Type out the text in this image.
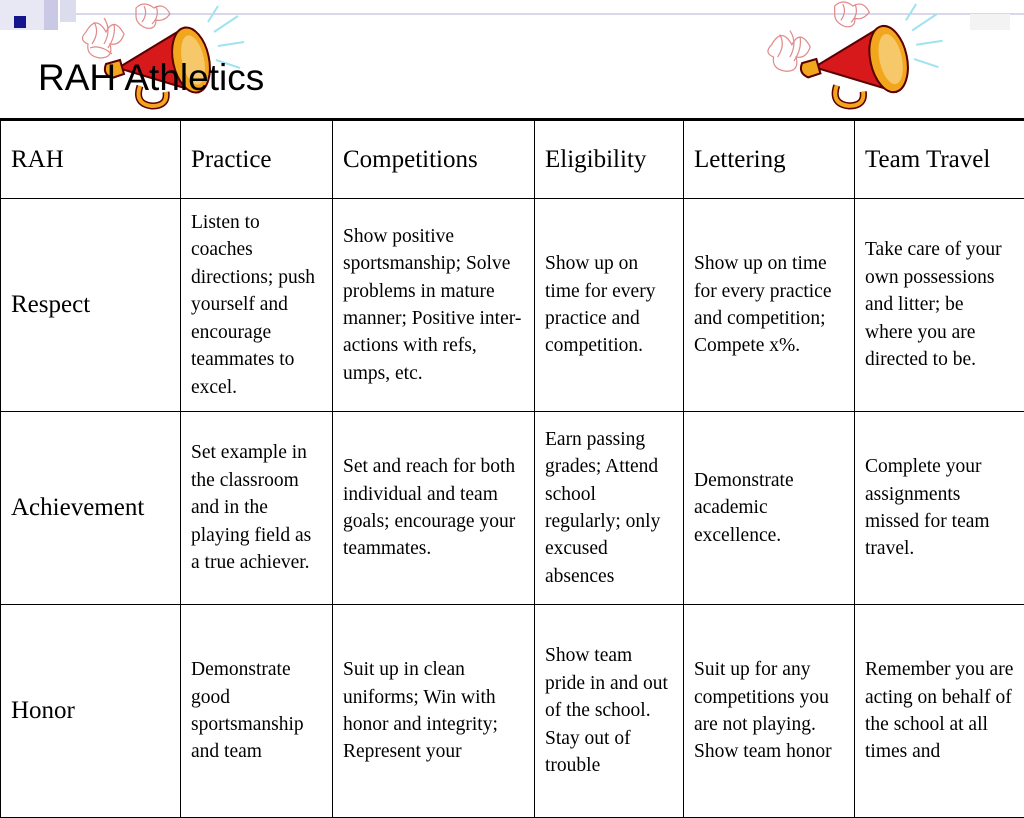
RAH Athletics
RAH	Practice	Competitions	Eligibility	Lettering	Team Travel
Respect	Listen to coaches directions; push yourself and encourage teammates to excel.	Show positive sportsmanship; Solve problems in mature manner; Positive inter-actions with refs, umps, etc.	Show up on time for every practice and competition.	Show up on time for every practice and competition; Compete x%.	Take care of your own possessions and litter; be where you are directed to be.
Achievement	Set example in the classroom and in the playing field as a true achiever.	Set and reach for both individual and team goals; encourage your teammates.	Earn passing grades; Attend school regularly; only excused absences	Demonstrate academic excellence.	Complete your assignments missed for team travel.
Honor	Demonstrate good sportsmanship and team	Suit up in clean uniforms; Win with honor and integrity; Represent your	Show team pride in and out of the school. Stay out of trouble	Suit up for any competitions you are not playing. Show team honor	Remember you are acting on behalf of the school at all times and
